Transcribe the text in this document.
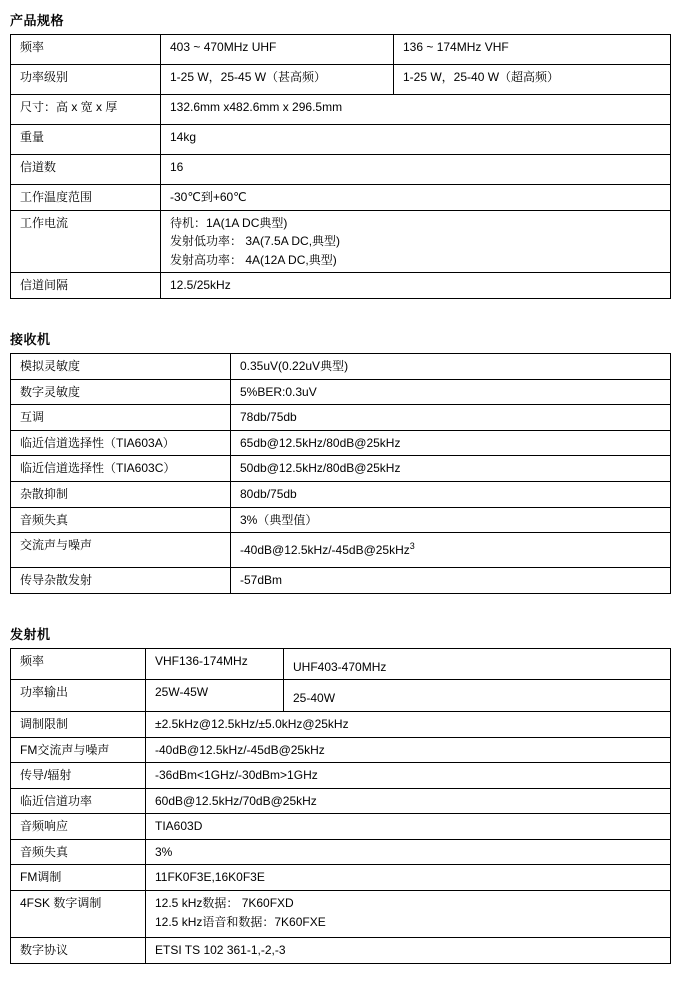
产品规格
频率	403 ~ 470MHz UHF	136 ~ 174MHz VHF
功率级别	1-25 W，25-45 W（甚高频）	1-25 W，25-40 W（超高频）
尺寸：高 x 宽 x 厚	132.6mm x482.6mm x 296.5mm	
重量	14kg	
信道数	16	
工作温度范围	-30℃到+60℃	
工作电流	待机：1A(1A DC典型)
发射低功率： 3A(7.5A DC,典型)
发射高功率： 4A(12A DC,典型)	

信道间隔	12.5/25kHz	
接收机
模拟灵敏度	0.35uV(0.22uV典型)
数字灵敏度	5%BER:0.3uV
互调	78db/75db
临近信道选择性（TIA603A）	65db@12.5kHz/80dB@25kHz
临近信道选择性（TIA603C）	50db@12.5kHz/80dB@25kHz
杂散抑制	80db/75db
音频失真	3%（典型值）
交流声与噪声	-40dB@12.5kHz/-45dB@25kHz$^3$
传导杂散发射	-57dBm
发射机
频率	VHF136-174MHz	UHF403-470MHz
功率输出	25W-45W	25-40W
调制限制	±2.5kHz@12.5kHz/±5.0kHz@25kHz	
FM交流声与噪声	-40dB@12.5kHz/-45dB@25kHz	
传导/辐射	-36dBm<1GHz/-30dBm>1GHz	
临近信道功率	60dB@12.5kHz/70dB@25kHz	
音频响应	TIA603D	
音频失真	3%	
FM调制	11FK0F3E,16K0F3E	
4FSK 数字调制	12.5 kHz数据： 7K60FXD
12.5 kHz语音和数据：7K60FXE	

数字协议	ETSI TS 102 361-1,-2,-3	
